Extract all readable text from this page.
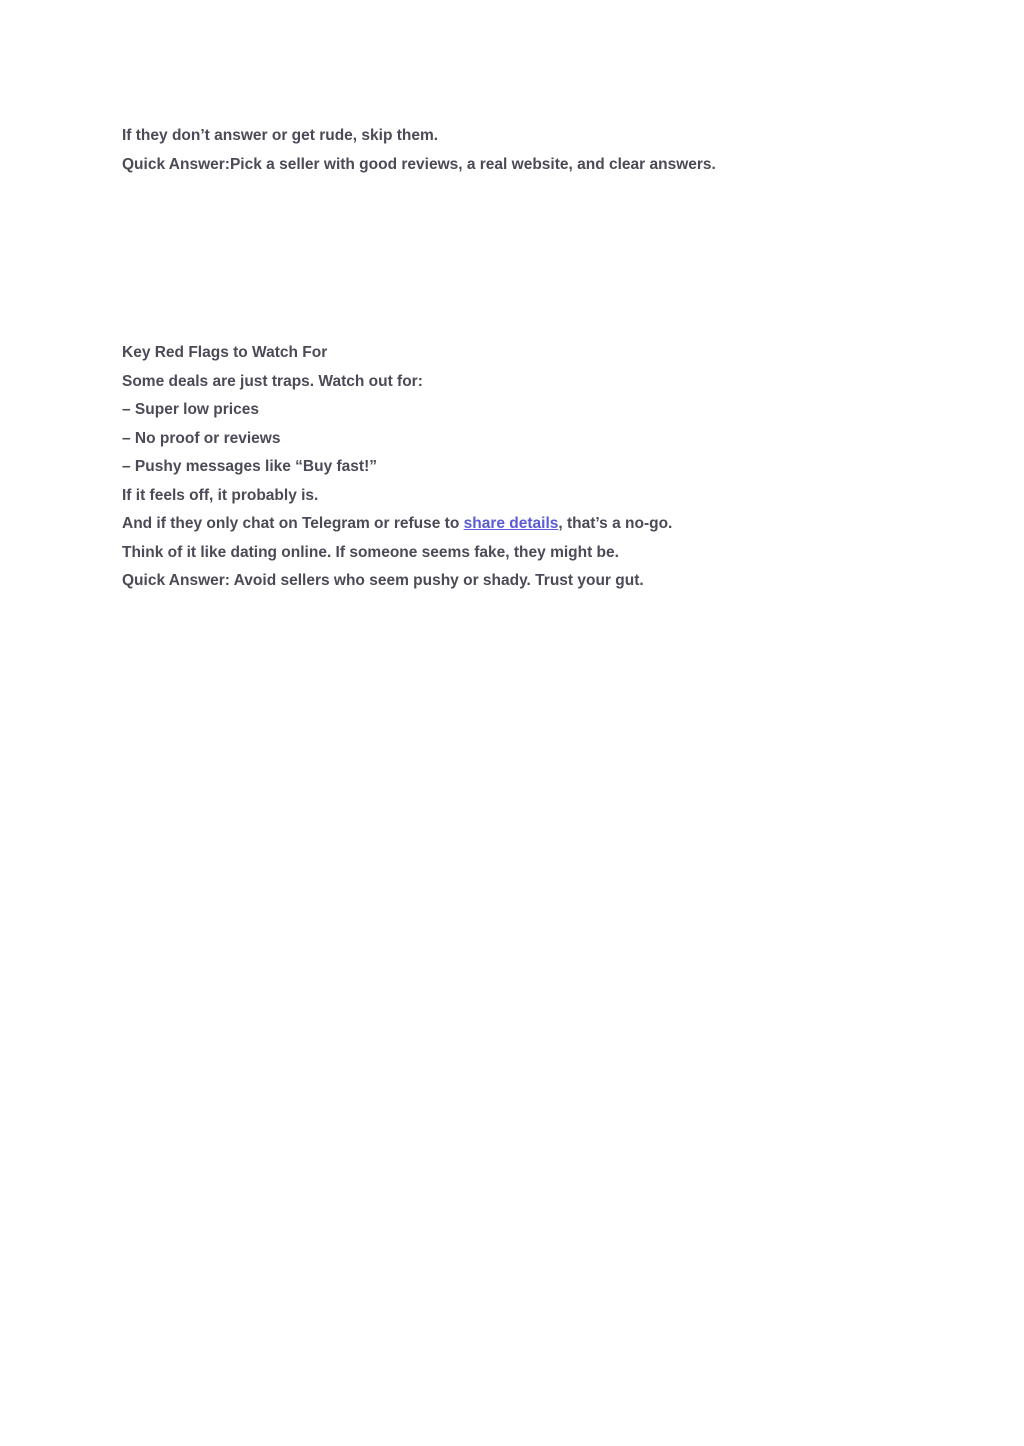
If they don’t answer or get rude, skip them.
Quick Answer:Pick a seller with good reviews, a real website, and clear answers.
Key Red Flags to Watch For
Some deals are just traps. Watch out for:
– Super low prices
– No proof or reviews
– Pushy messages like “Buy fast!”
If it feels off, it probably is.
And if they only chat on Telegram or refuse to share details, that’s a no-go.
Think of it like dating online. If someone seems fake, they might be.
Quick Answer: Avoid sellers who seem pushy or shady. Trust your gut.
